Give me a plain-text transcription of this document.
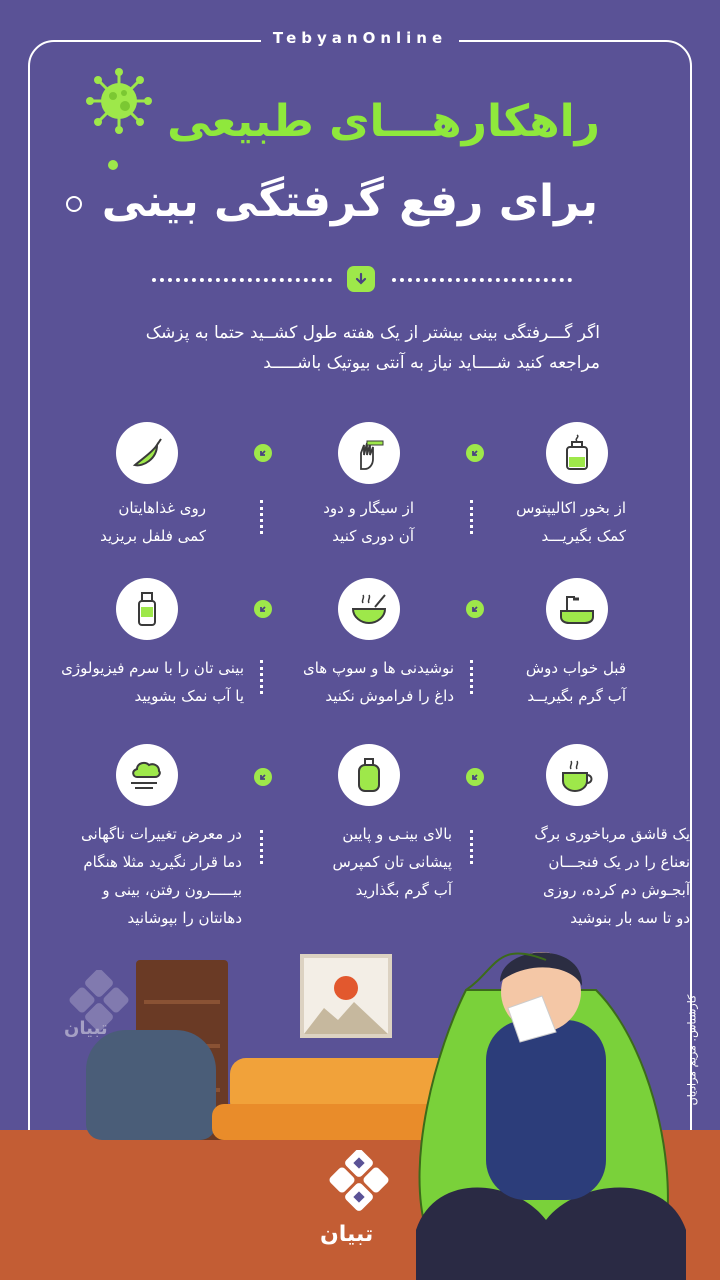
TebyanOnline
راهکارهـــای طبیعی
برای رفع گرفتگی بینی
اگر گـــرفتگی بینی بیشتر از یک هفته طول کشــید حتما به پزشک مراجعه کنید شــــاید نیاز به آنتی بیوتیک باشـــــد
از بخور اکالیپتوس
کمک بگیریـــد
از سیگار و دود
آن دوری کنید
روی غذاهایتان
کمی فلفل بریزید
قبل خواب دوش
آب گرم بگیریــد
نوشیدنی ها و سوپ های
داغ را فراموش نکنید
بینی تان را با سرم فیزیولوژی
یا آب نمک بشویید
یک قاشق مرباخوری برگ
نعناع را در یک فنجـــان
آبجـوش دم کرده، روزی
دو تا سه بار بنوشید
بالای بینـی و پایین
پیشانی تان کمپرس
آب گرم بگذارید
در معرض تغییرات ناگهانی
دما قرار نگیرید مثلا هنگام
بیـــــرون رفتن، بینی و
دهانتان را بپوشانید
تبیان
تبیان
کارشناس: مریم مرادیان
